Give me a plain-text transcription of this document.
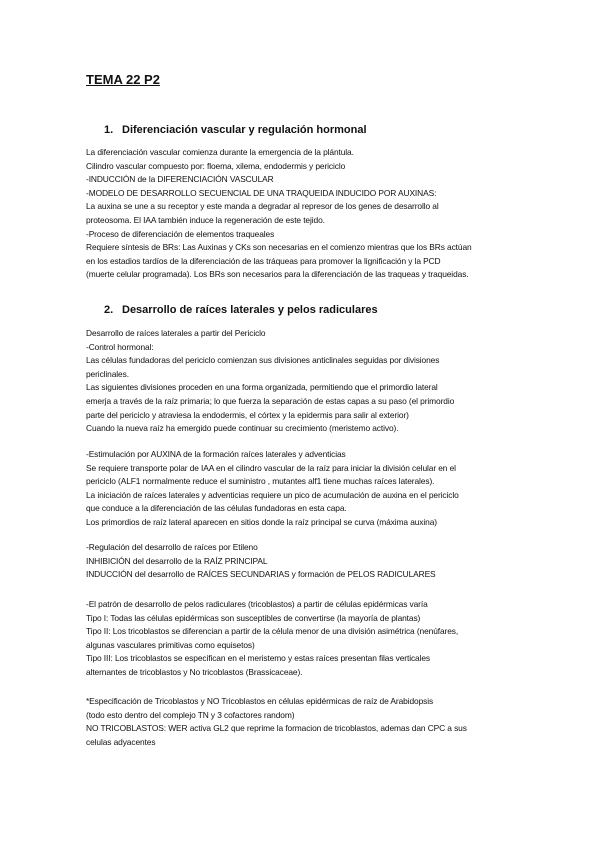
TEMA 22 P2
1. Diferenciación vascular y regulación hormonal
La diferenciación vascular comienza durante la emergencia de la plántula.
Cilindro vascular compuesto por: floema, xilema, endodermis y periciclo
-INDUCCIÓN de la DIFERENCIACIÓN VASCULAR
-MODELO DE DESARROLLO SECUENCIAL DE UNA TRAQUEIDA INDUCIDO POR AUXINAS:
La auxina se une a su receptor y este manda a degradar al represor de los genes de desarrollo al
proteosoma. El IAA también induce la regeneración de este tejido.
-Proceso de diferenciación de elementos traqueales
Requiere síntesis de BRs: Las Auxinas y CKs son necesarias en el comienzo mientras que los BRs actúan
en los estadios tardíos de la diferenciación de las tráqueas para promover la lignificación y la PCD
(muerte celular programada). Los BRs son necesarios para la diferenciación de las traqueas y traqueidas.
2. Desarrollo de raíces laterales y pelos radiculares
Desarrollo de raíces laterales a partir del Periciclo
-Control hormonal:
Las células fundadoras del periciclo comienzan sus divisiones anticlinales seguidas por divisiones
periclinales.
Las siguientes divisiones proceden en una forma organizada, permitiendo que el primordio lateral
emerja a través de la raíz primaria; lo que fuerza la separación de estas capas a su paso (el primordio
parte del periciclo y atraviesa la endodermis, el córtex y la epidermis para salir al exterior)
Cuando la nueva raíz ha emergido puede continuar su crecimiento (meristemo activo).
-Estimulación por AUXINA de la formación raíces laterales y adventicias
Se requiere transporte polar de IAA en el cilindro vascular de la raíz para iniciar la división celular en el
periciclo (ALF1 normalmente reduce el suministro , mutantes alf1 tiene muchas raíces laterales).
La iniciación de raíces laterales y adventicias requiere un pico de acumulación de auxina en el periciclo
que conduce a la diferenciación de las células fundadoras en esta capa.
Los primordios de raíz lateral aparecen en sitios donde la raíz principal se curva (máxima auxina)
-Regulación del desarrollo de raíces por Etileno
INHIBICIÓN del desarrollo de la RAÍZ PRINCIPAL
INDUCCIÓN del desarrollo de RAÍCES SECUNDARIAS y formación de PELOS RADICULARES
-El patrón de desarrollo de pelos radiculares (tricoblastos) a partir de células epidérmicas varía
Tipo I: Todas las células epidérmicas son susceptibles de convertirse (la mayoría de plantas)
Tipo II: Los tricoblastos se diferencian a partir de la célula menor de una división asimétrica (nenúfares,
algunas vasculares primitivas como equisetos)
Tipo III: Los tricoblastos se especifican en el meristemo y estas raíces presentan filas verticales
alternantes de tricoblastos y No tricoblastos (Brassicaceae).
*Especificación de Tricoblastos y NO Tricoblastos en células epidérmicas de raíz de Arabidopsis
(todo esto dentro del complejo TN y 3 cofactores random)
NO TRICOBLASTOS: WER activa GL2 que reprime la formacion de tricoblastos, ademas dan CPC a sus
celulas adyacentes
